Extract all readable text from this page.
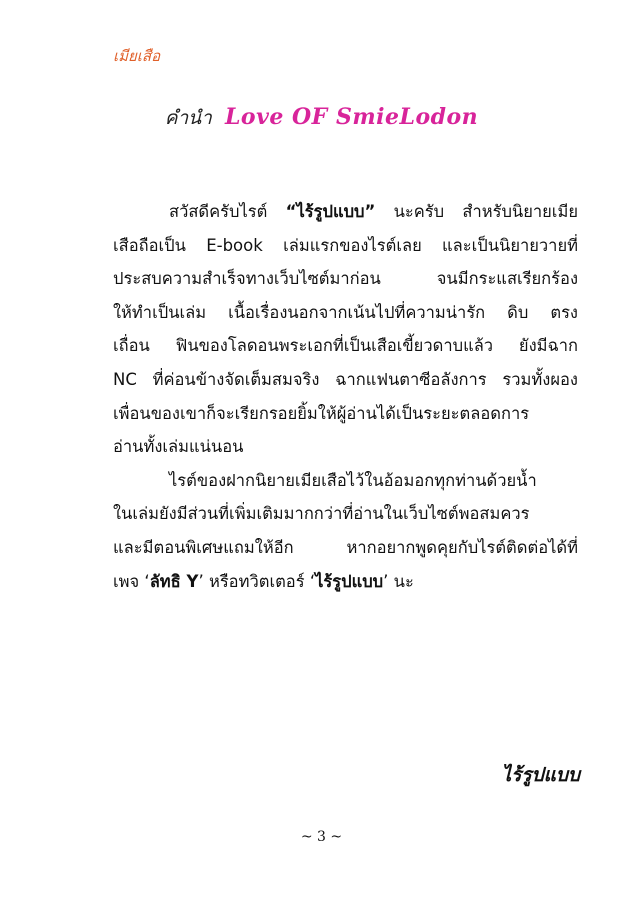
เมียเสือ
คำนำ Love OF SmieLodon
สวัสดีครับไรต์ “ไร้รูปแบบ” นะครับ สำหรับนิยายเมีย
เสือถือเป็น E-book เล่มแรกของไรต์เลย และเป็นนิยายวายที่
ประสบความสำเร็จทางเว็บไซต์มาก่อน จนมีกระแสเรียกร้อง
ให้ทำเป็นเล่ม เนื้อเรื่องนอกจากเน้นไปที่ความน่ารัก ดิบ ตรง
เถื่อน ฟินของโลดอนพระเอกที่เป็นเสือเขี้ยวดาบแล้ว ยังมีฉาก
NC ที่ค่อนข้างจัดเต็มสมจริง ฉากแฟนตาซีอลังการ รวมทั้งผอง
เพื่อนของเขาก็จะเรียกรอยยิ้มให้ผู้อ่านได้เป็นระยะตลอดการ
อ่านทั้งเล่มแน่นอน
ไรต์ของฝากนิยายเมียเสือไว้ในอ้อมอกทุกท่านด้วยน้ำ
ในเล่มยังมีส่วนที่เพิ่มเติมมากกว่าที่อ่านในเว็บไซต์พอสมควร
และมีตอนพิเศษแถมให้อีก หากอยากพูดคุยกับไรต์ติดต่อได้ที่
เพจ ‘ลัทธิ Y’ หรือทวิตเตอร์ ‘ไร้รูปแบบ’ นะ
ไร้รูปแบบ
~ 3 ~
